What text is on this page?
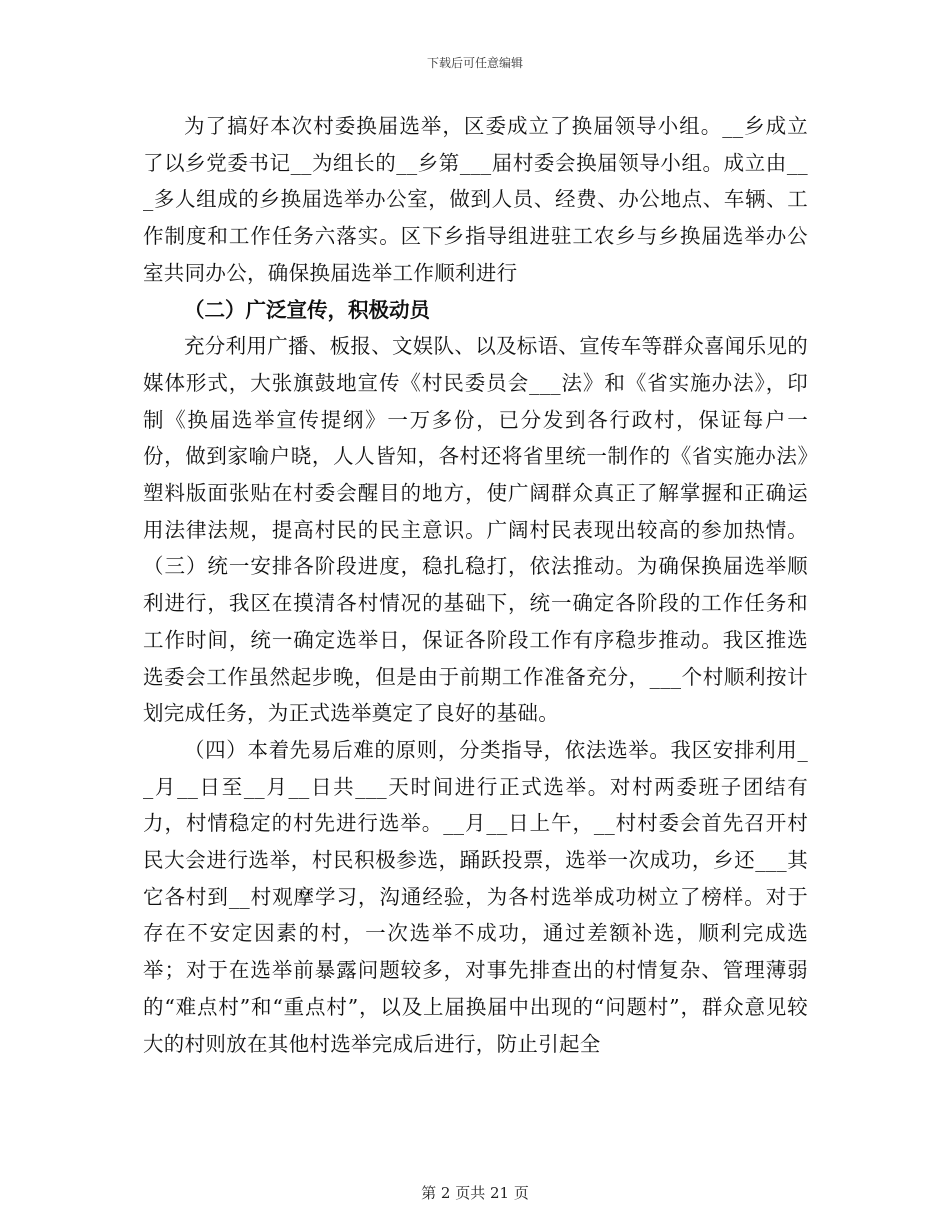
下载后可任意编辑

为了搞好本次村委换届选举，区委成立了换届领导小组。__乡成立了以乡党委书记__为组长的__乡第___届村委会换届领导小组。成立由___多人组成的乡换届选举办公室，做到人员、经费、办公地点、车辆、工作制度和工作任务六落实。区下乡指导组进驻工农乡与乡换届选举办公室共同办公，确保换届选举工作顺利进行

（二）广泛宣传，积极动员

充分利用广播、板报、文娱队、以及标语、宣传车等群众喜闻乐见的媒体形式，大张旗鼓地宣传《村民委员会___法》和《省实施办法》，印制《换届选举宣传提纲》一万多份，已分发到各行政村，保证每户一份，做到家喻户晓，人人皆知，各村还将省里统一制作的《省实施办法》塑料版面张贴在村委会醒目的地方，使广阔群众真正了解掌握和正确运用法律法规，提高村民的民主意识。广阔村民表现出较高的参加热情。（三）统一安排各阶段进度，稳扎稳打，依法推动。为确保换届选举顺利进行，我区在摸清各村情况的基础下，统一确定各阶段的工作任务和工作时间，统一确定选举日，保证各阶段工作有序稳步推动。我区推选选委会工作虽然起步晚，但是由于前期工作准备充分，___个村顺利按计划完成任务，为正式选举奠定了良好的基础。

（四）本着先易后难的原则，分类指导，依法选举。我区安排利用__月__日至__月__日共___天时间进行正式选举。对村两委班子团结有力，村情稳定的村先进行选举。__月__日上午，__村村委会首先召开村民大会进行选举，村民积极参选，踊跃投票，选举一次成功，乡还___其它各村到__村观摩学习，沟通经验，为各村选举成功树立了榜样。对于存在不安定因素的村，一次选举不成功，通过差额补选，顺利完成选举；对于在选举前暴露问题较多，对事先排查出的村情复杂、管理薄弱的“难点村”和“重点村”，以及上届换届中出现的“问题村”，群众意见较大的村则放在其他村选举完成后进行，防止引起全

第 2 页共 21 页
